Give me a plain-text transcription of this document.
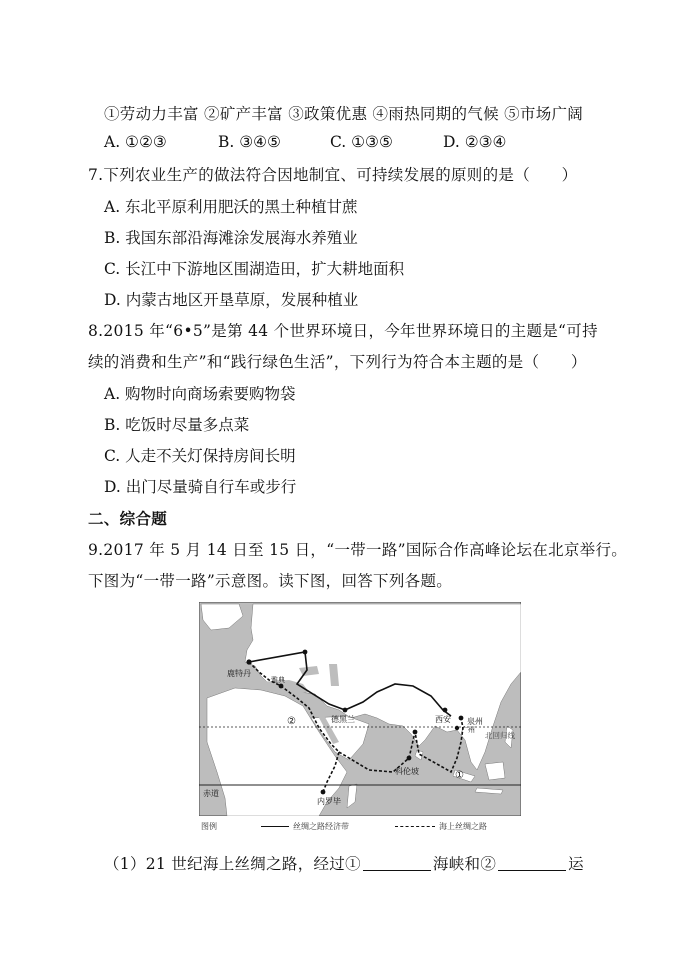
①劳动力丰富 ②矿产丰富 ③政策优惠 ④雨热同期的气候 ⑤市场广阔
A. ①②③	B. ③④⑤	C. ①③⑤	D. ②③④
7.下列农业生产的做法符合因地制宜、可持续发展的原则的是（　　）
A. 东北平原利用肥沃的黑土种植甘蔗
B. 我国东部沿海滩涂发展海水养殖业
C. 长江中下游地区围湖造田，扩大耕地面积
D. 内蒙古地区开垦草原，发展种植业
8.2015 年“6•5”是第 44 个世界环境日，今年世界环境日的主题是“可持
续的消费和生产”和“践行绿色生活”，下列行为符合本主题的是（　　）
A. 购物时向商场索要购物袋
B. 吃饭时尽量多点菜
C. 人走不关灯保持房间长明
D. 出门尽量骑自行车或步行
二、综合题
9.2017 年 5 月 14 日至 15 日，“一带一路”国际合作高峰论坛在北京举行。
下图为“一带一路”示意图。读下图，回答下列各题。
鹿特丹
雅典
德黑兰	西安 泉州
广州
科伦坡
内罗毕
北回归线
赤道
①
②
图例	丝绸之路经济带	海上丝绸之路
（1）21 世纪海上丝绸之路，经过①	海峡和②	运
